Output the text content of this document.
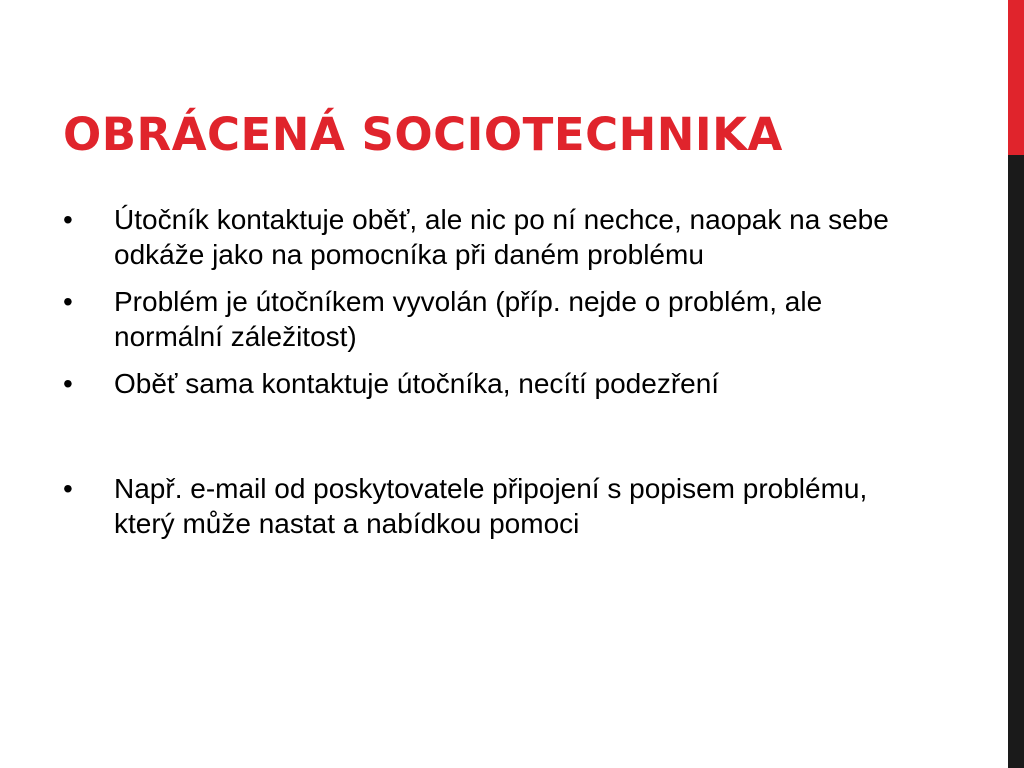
OBRÁCENÁ SOCIOTECHNIKA
•	Útočník kontaktuje oběť, ale nic po ní nechce, naopak na sebe odkáže jako na pomocníka při daném problému
•	Problém je útočníkem vyvolán (příp. nejde o problém, ale normální záležitost)
•	Oběť sama kontaktuje útočníka, necítí podezření
•	Např. e-mail od poskytovatele připojení s popisem problému, který může nastat a nabídkou pomoci
